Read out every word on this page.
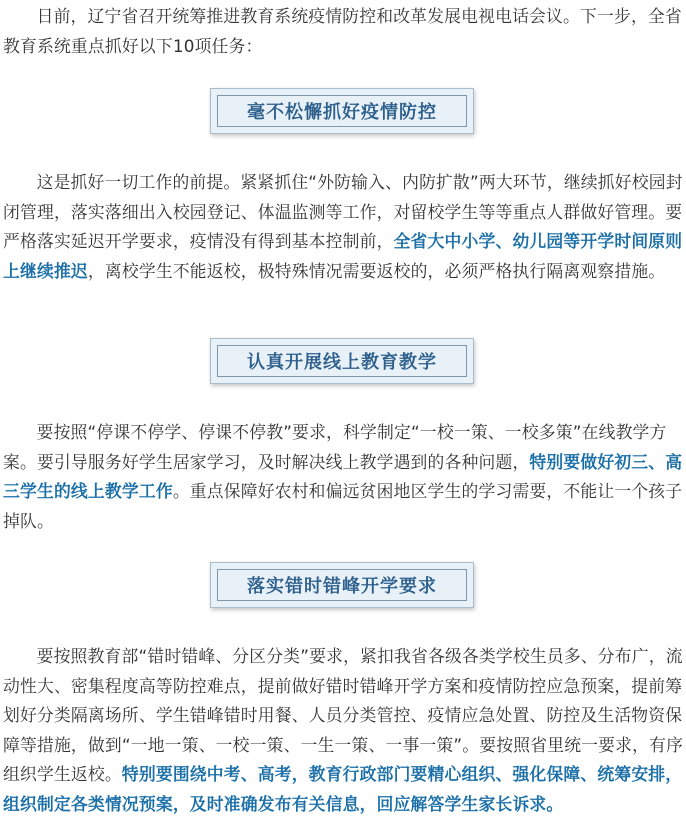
日前，辽宁省召开统筹推进教育系统疫情防控和改革发展电视电话会议。下一步，全省教育系统重点抓好以下10项任务：

毫不松懈抓好疫情防控

这是抓好一切工作的前提。紧紧抓住“外防输入、内防扩散”两大环节，继续抓好校园封闭管理，落实落细出入校园登记、体温监测等工作，对留校学生等等重点人群做好管理。要严格落实延迟开学要求，疫情没有得到基本控制前，全省大中小学、幼儿园等开学时间原则上继续推迟，离校学生不能返校，极特殊情况需要返校的，必须严格执行隔离观察措施。

认真开展线上教育教学

要按照“停课不停学、停课不停教”要求，科学制定“一校一策、一校多策”在线教学方案。要引导服务好学生居家学习，及时解决线上教学遇到的各种问题，特别要做好初三、高三学生的线上教学工作。重点保障好农村和偏远贫困地区学生的学习需要，不能让一个孩子掉队。

落实错时错峰开学要求

要按照教育部“错时错峰、分区分类”要求，紧扣我省各级各类学校生员多、分布广，流动性大、密集程度高等防控难点，提前做好错时错峰开学方案和疫情防控应急预案，提前筹划好分类隔离场所、学生错峰错时用餐、人员分类管控、疫情应急处置、防控及生活物资保障等措施，做到“一地一策、一校一策、一生一策、一事一策”。要按照省里统一要求，有序组织学生返校。特别要围绕中考、高考，教育行政部门要精心组织、强化保障、统筹安排，组织制定各类情况预案，及时准确发布有关信息，回应解答学生家长诉求。
